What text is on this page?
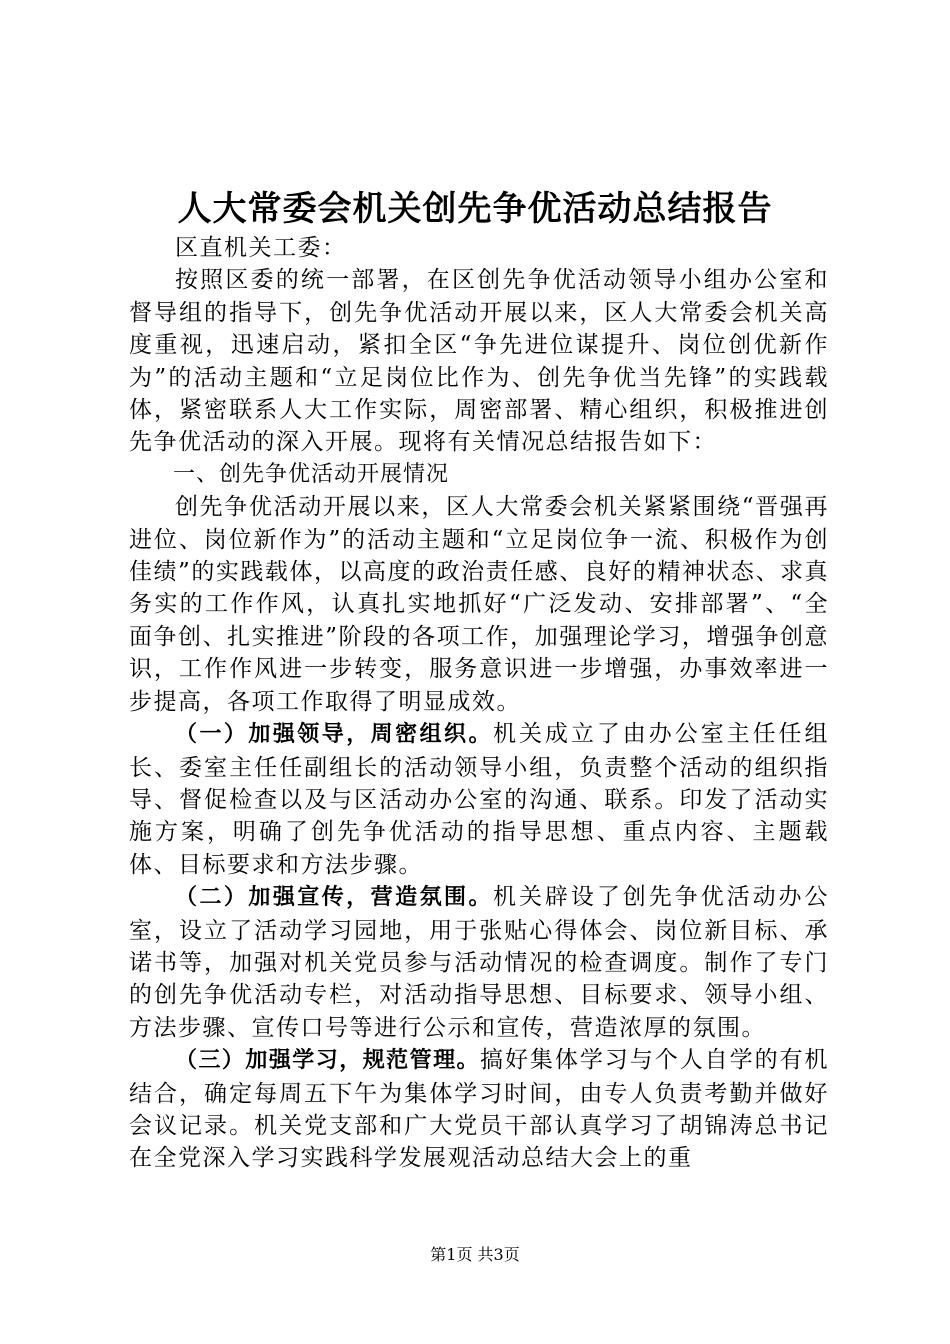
人大常委会机关创先争优活动总结报告

区直机关工委：

按照区委的统一部署，在区创先争优活动领导小组办公室和督导组的指导下，创先争优活动开展以来，区人大常委会机关高度重视，迅速启动，紧扣全区“争先进位谋提升、岗位创优新作为”的活动主题和“立足岗位比作为、创先争优当先锋”的实践载体，紧密联系人大工作实际，周密部署、精心组织，积极推进创先争优活动的深入开展。现将有关情况总结报告如下：

一、创先争优活动开展情况

创先争优活动开展以来，区人大常委会机关紧紧围绕“晋强再进位、岗位新作为”的活动主题和“立足岗位争一流、积极作为创佳绩”的实践载体，以高度的政治责任感、良好的精神状态、求真务实的工作作风，认真扎实地抓好“广泛发动、安排部署”、“全面争创、扎实推进”阶段的各项工作，加强理论学习，增强争创意识，工作作风进一步转变，服务意识进一步增强，办事效率进一步提高，各项工作取得了明显成效。

（一）加强领导，周密组织。机关成立了由办公室主任任组长、委室主任任副组长的活动领导小组，负责整个活动的组织指导、督促检查以及与区活动办公室的沟通、联系。印发了活动实施方案，明确了创先争优活动的指导思想、重点内容、主题载体、目标要求和方法步骤。

（二）加强宣传，营造氛围。机关辟设了创先争优活动办公室，设立了活动学习园地，用于张贴心得体会、岗位新目标、承诺书等，加强对机关党员参与活动情况的检查调度。制作了专门的创先争优活动专栏，对活动指导思想、目标要求、领导小组、方法步骤、宣传口号等进行公示和宣传，营造浓厚的氛围。

（三）加强学习，规范管理。搞好集体学习与个人自学的有机结合，确定每周五下午为集体学习时间，由专人负责考勤并做好会议记录。机关党支部和广大党员干部认真学习了胡锦涛总书记在全党深入学习实践科学发展观活动总结大会上的重

第1页 共3页
